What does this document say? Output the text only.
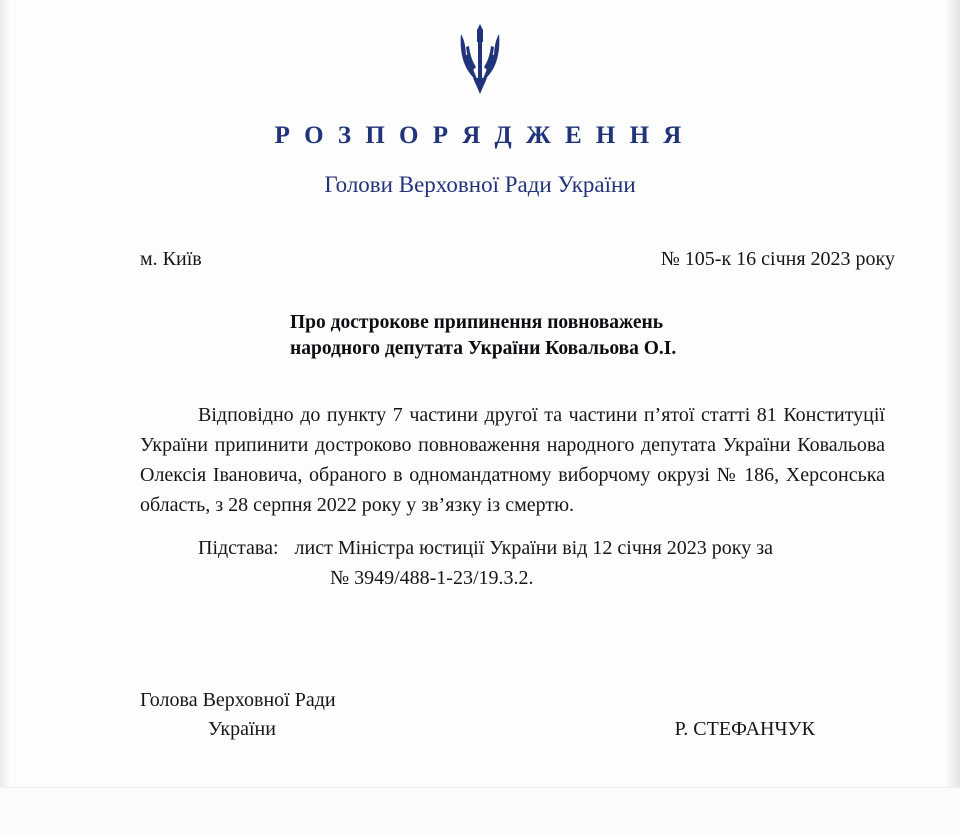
Р О З П О Р Я Д Ж Е Н Н Я
Голови Верховної Ради України
м. Київ	№ 105-к 16 січня 2023 року
Про дострокове припинення повноважень
народного депутата України Ковальова О.І.
Відповідно до пункту 7 частини другої та частини п’ятої статті 81 Конституції України припинити достроково повноваження народного депутата України Ковальова Олексія Івановича, обраного в одномандатному виборчому окрузі № 186, Херсонська область, з 28 серпня 2022 року у зв’язку із смертю.
Підстава: лист Міністра юстиції України від 12 січня 2023 року за
№ 3949/488-1-23/19.3.2.
Голова Верховної Ради
України	Р. СТЕФАНЧУК
